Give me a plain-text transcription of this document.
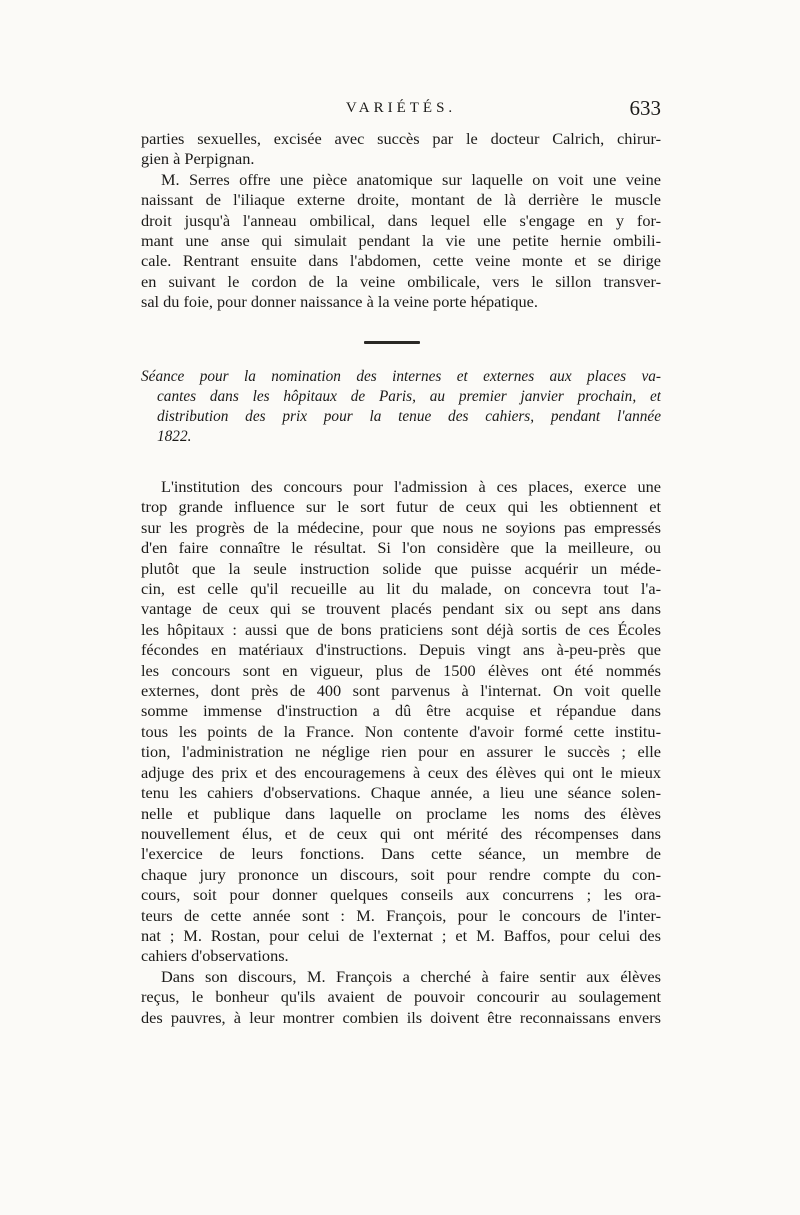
VARIÉTÉS.	633
parties sexuelles, excisée avec succès par le docteur Calrich, chirur-
gien à Perpignan.
M. Serres offre une pièce anatomique sur laquelle on voit une veine
naissant de l'iliaque externe droite, montant de là derrière le muscle
droit jusqu'à l'anneau ombilical, dans lequel elle s'engage en y for-
mant une anse qui simulait pendant la vie une petite hernie ombili-
cale. Rentrant ensuite dans l'abdomen, cette veine monte et se dirige
en suivant le cordon de la veine ombilicale, vers le sillon transver-
sal du foie, pour donner naissance à la veine porte hépatique.
Séance pour la nomination des internes et externes aux places va-
cantes dans les hôpitaux de Paris, au premier janvier prochain, et
distribution des prix pour la tenue des cahiers, pendant l'année
1822.
L'institution des concours pour l'admission à ces places, exerce une
trop grande influence sur le sort futur de ceux qui les obtiennent et
sur les progrès de la médecine, pour que nous ne soyions pas empressés
d'en faire connaître le résultat. Si l'on considère que la meilleure, ou
plutôt que la seule instruction solide que puisse acquérir un méde-
cin, est celle qu'il recueille au lit du malade, on concevra tout l'a-
vantage de ceux qui se trouvent placés pendant six ou sept ans dans
les hôpitaux : aussi que de bons praticiens sont déjà sortis de ces Écoles
fécondes en matériaux d'instructions. Depuis vingt ans à-peu-près que
les concours sont en vigueur, plus de 1500 élèves ont été nommés
externes, dont près de 400 sont parvenus à l'internat. On voit quelle
somme immense d'instruction a dû être acquise et répandue dans
tous les points de la France. Non contente d'avoir formé cette institu-
tion, l'administration ne néglige rien pour en assurer le succès ; elle
adjuge des prix et des encouragemens à ceux des élèves qui ont le mieux
tenu les cahiers d'observations. Chaque année, a lieu une séance solen-
nelle et publique dans laquelle on proclame les noms des élèves
nouvellement élus, et de ceux qui ont mérité des récompenses dans
l'exercice de leurs fonctions. Dans cette séance, un membre de
chaque jury prononce un discours, soit pour rendre compte du con-
cours, soit pour donner quelques conseils aux concurrens ; les ora-
teurs de cette année sont : M. François, pour le concours de l'inter-
nat ; M. Rostan, pour celui de l'externat ; et M. Baffos, pour celui des
cahiers d'observations.
Dans son discours, M. François a cherché à faire sentir aux élèves
reçus, le bonheur qu'ils avaient de pouvoir concourir au soulagement
des pauvres, à leur montrer combien ils doivent être reconnaissans envers
